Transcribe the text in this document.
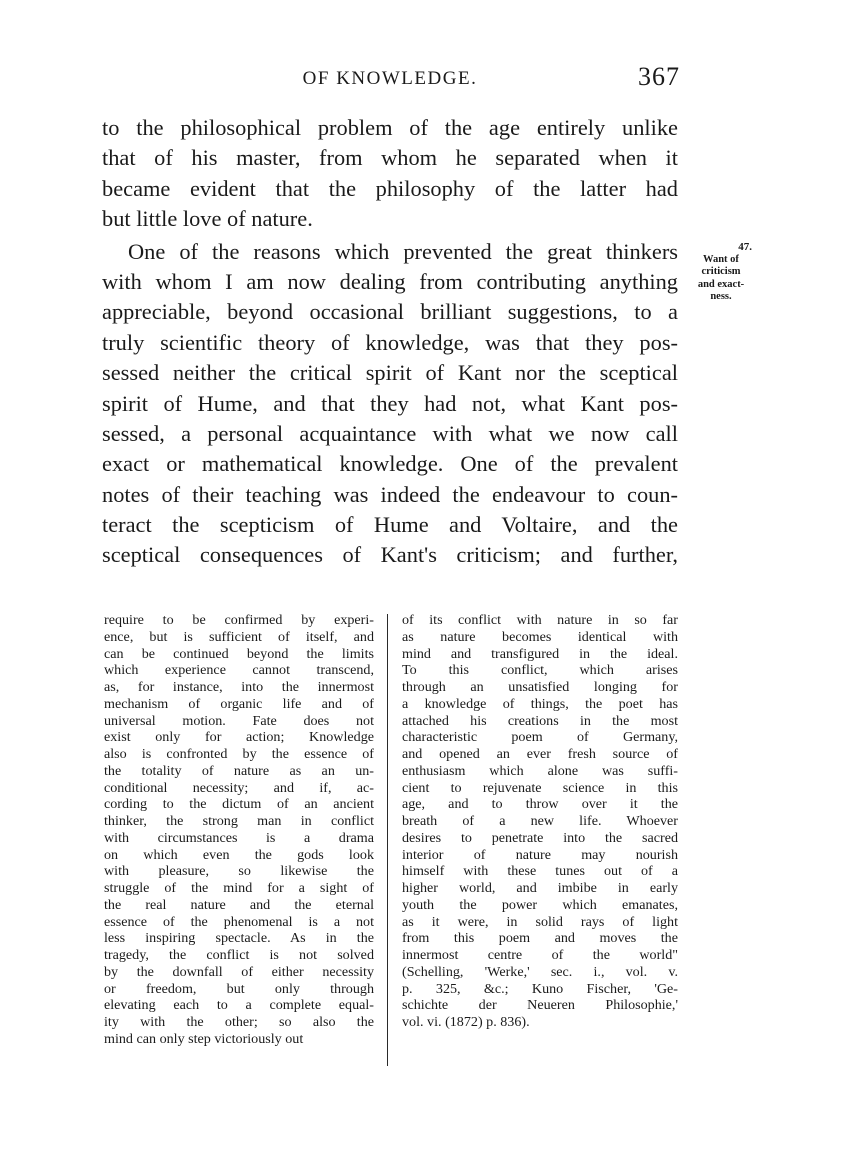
OF KNOWLEDGE.	367
to the philosophical problem of the age entirely unlike
that of his master, from whom he separated when it
became evident that the philosophy of the latter had
but little love of nature.
One of the reasons which prevented the great thinkers
with whom I am now dealing from contributing anything
appreciable, beyond occasional brilliant suggestions, to a
truly scientific theory of knowledge, was that they pos-
sessed neither the critical spirit of Kant nor the sceptical
spirit of Hume, and that they had not, what Kant pos-
sessed, a personal acquaintance with what we now call
exact or mathematical knowledge. One of the prevalent
notes of their teaching was indeed the endeavour to coun-
teract the scepticism of Hume and Voltaire, and the
sceptical consequences of Kant's criticism; and further,
47.
Want of
criticism
and exact-
ness.
require to be confirmed by experi-
ence, but is sufficient of itself, and
can be continued beyond the limits
which experience cannot transcend,
as, for instance, into the innermost
mechanism of organic life and of
universal motion. Fate does not
exist only for action; Knowledge
also is confronted by the essence of
the totality of nature as an un-
conditional necessity; and if, ac-
cording to the dictum of an ancient
thinker, the strong man in conflict
with circumstances is a drama
on which even the gods look
with pleasure, so likewise the
struggle of the mind for a sight of
the real nature and the eternal
essence of the phenomenal is a not
less inspiring spectacle. As in the
tragedy, the conflict is not solved
by the downfall of either necessity
or freedom, but only through
elevating each to a complete equal-
ity with the other; so also the
mind can only step victoriously out
of its conflict with nature in so far
as nature becomes identical with
mind and transfigured in the ideal.
To this conflict, which arises
through an unsatisfied longing for
a knowledge of things, the poet has
attached his creations in the most
characteristic poem of Germany,
and opened an ever fresh source of
enthusiasm which alone was suffi-
cient to rejuvenate science in this
age, and to throw over it the
breath of a new life. Whoever
desires to penetrate into the sacred
interior of nature may nourish
himself with these tunes out of a
higher world, and imbibe in early
youth the power which emanates,
as it were, in solid rays of light
from this poem and moves the
innermost centre of the world"
(Schelling, 'Werke,' sec. i., vol. v.
p. 325, &c.; Kuno Fischer, 'Ge-
schichte der Neueren Philosophie,'
vol. vi. (1872) p. 836).
